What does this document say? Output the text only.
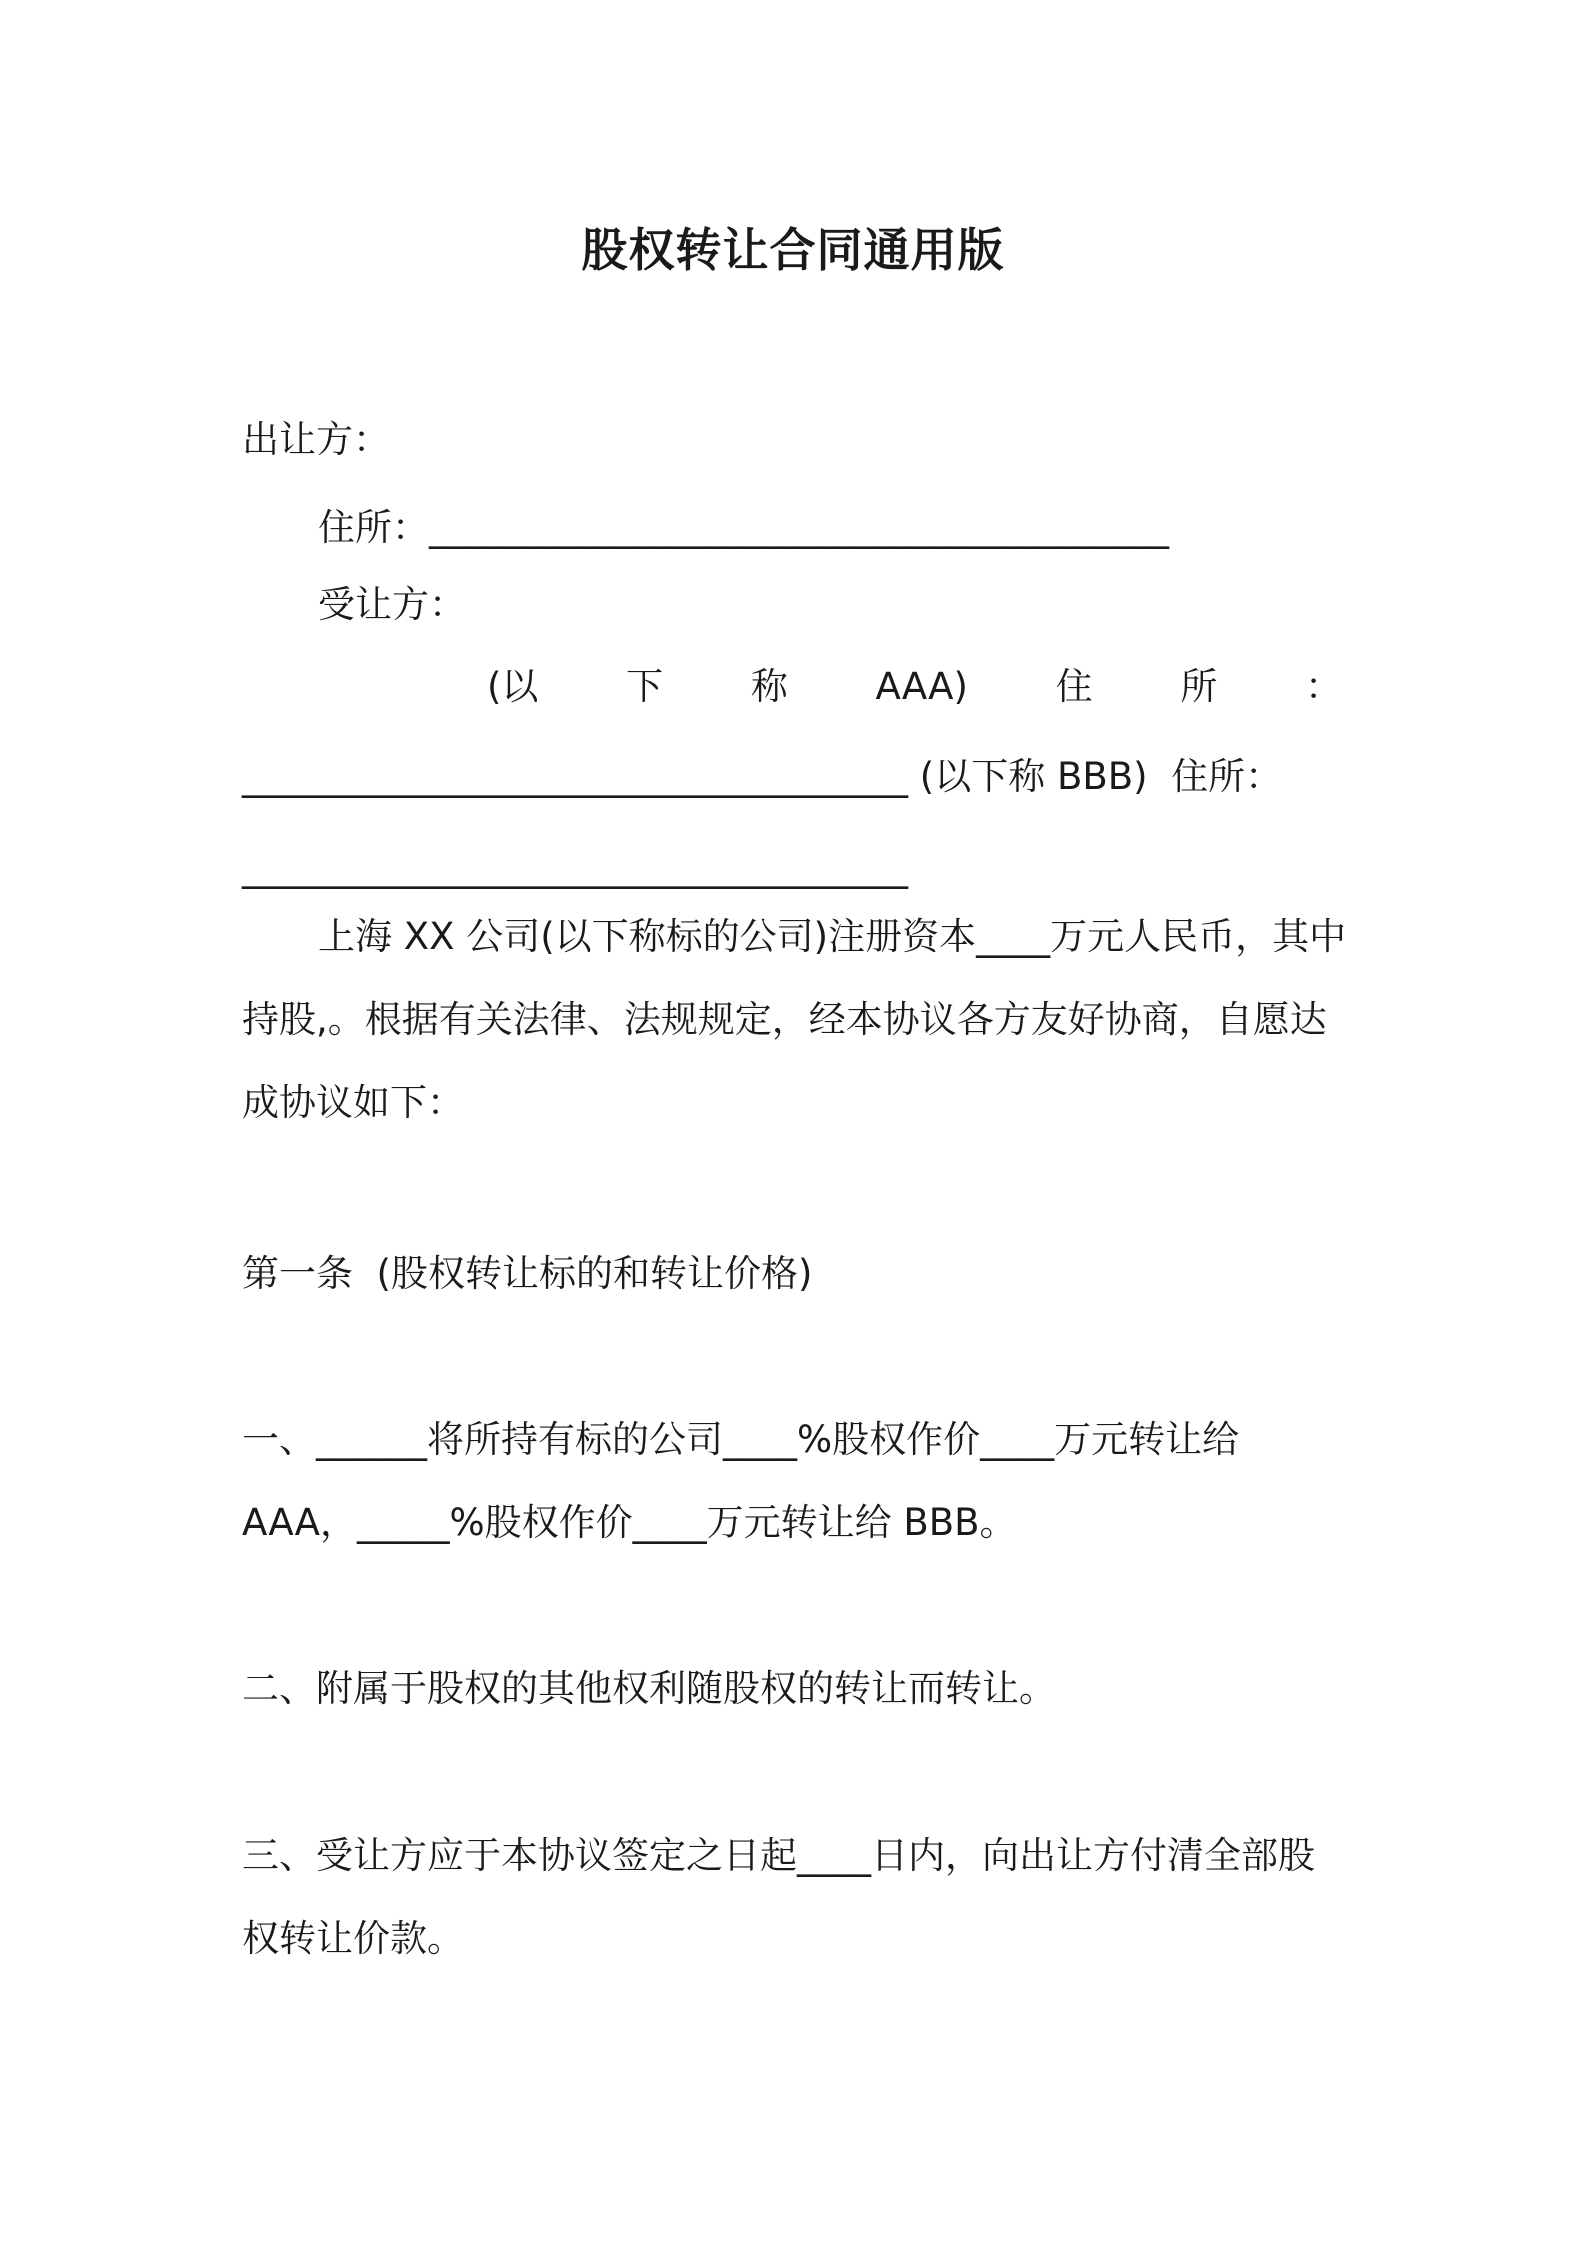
股权转让合同通用版

出让方：

住所：________________________________________

受让方：

(以 下 称 AAA) 住 所 ：

____________________________________ (以下称 BBB)  住所：

____________________________________

上海 XX 公司(以下称标的公司)注册资本____万元人民币，其中

持股,。根据有关法律、法规规定，经本协议各方友好协商，自愿达

成协议如下：

第一条  (股权转让标的和转让价格)

一、______将所持有标的公司____%股权作价____万元转让给

AAA，_____%股权作价____万元转让给 BBB。

二、附属于股权的其他权利随股权的转让而转让。

三、受让方应于本协议签定之日起____日内，向出让方付清全部股

权转让价款。
